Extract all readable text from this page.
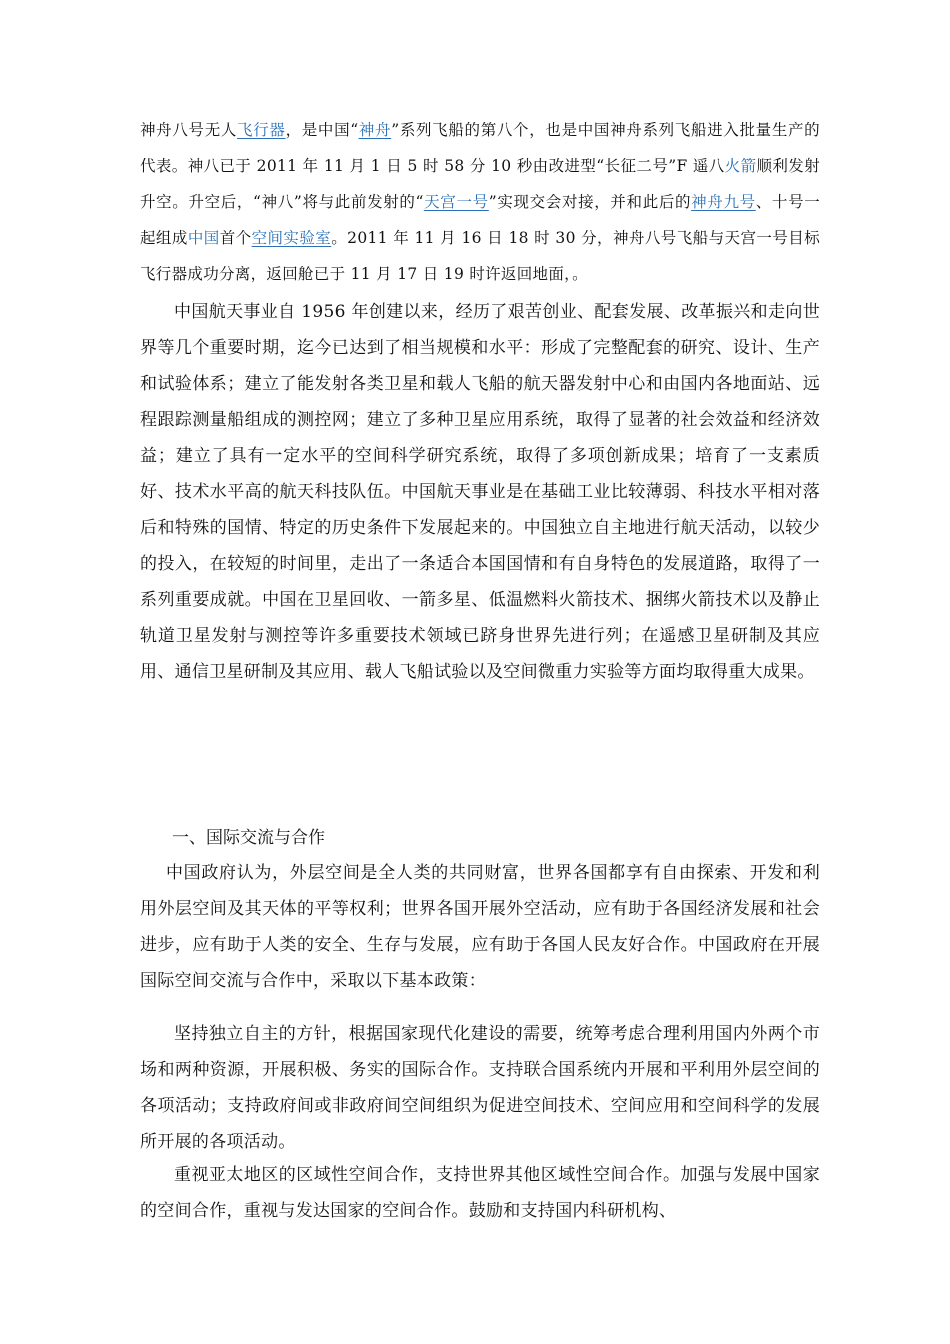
神舟八号无人飞行器，是中国“神舟”系列飞船的第八个，也是中国神舟系列飞船进入批量生产的代表。神八已于 2011 年 11 月 1 日 5 时 58 分 10 秒由改进型“长征二号”F 遥八火箭顺利发射升空。升空后，“神八”将与此前发射的“天宫一号”实现交会对接，并和此后的神舟九号、十号一起组成中国首个空间实验室。2011 年 11 月 16 日 18 时 30 分，神舟八号飞船与天宫一号目标飞行器成功分离，返回舱已于 11 月 17 日 19 时许返回地面，。

中国航天事业自 1956 年创建以来，经历了艰苦创业、配套发展、改革振兴和走向世界等几个重要时期，迄今已达到了相当规模和水平：形成了完整配套的研究、设计、生产和试验体系；建立了能发射各类卫星和载人飞船的航天器发射中心和由国内各地面站、远程跟踪测量船组成的测控网；建立了多种卫星应用系统，取得了显著的社会效益和经济效益；建立了具有一定水平的空间科学研究系统，取得了多项创新成果；培育了一支素质好、技术水平高的航天科技队伍。中国航天事业是在基础工业比较薄弱、科技水平相对落后和特殊的国情、特定的历史条件下发展起来的。中国独立自主地进行航天活动，以较少的投入，在较短的时间里，走出了一条适合本国国情和有自身特色的发展道路，取得了一系列重要成就。中国在卫星回收、一箭多星、低温燃料火箭技术、捆绑火箭技术以及静止轨道卫星发射与测控等许多重要技术领域已跻身世界先进行列；在遥感卫星研制及其应用、通信卫星研制及其应用、载人飞船试验以及空间微重力实验等方面均取得重大成果。

一、国际交流与合作

中国政府认为，外层空间是全人类的共同财富，世界各国都享有自由探索、开发和利用外层空间及其天体的平等权利；世界各国开展外空活动，应有助于各国经济发展和社会进步，应有助于人类的安全、生存与发展，应有助于各国人民友好合作。中国政府在开展国际空间交流与合作中，采取以下基本政策：

坚持独立自主的方针，根据国家现代化建设的需要，统筹考虑合理利用国内外两个市场和两种资源，开展积极、务实的国际合作。支持联合国系统内开展和平利用外层空间的各项活动；支持政府间或非政府间空间组织为促进空间技术、空间应用和空间科学的发展所开展的各项活动。

重视亚太地区的区域性空间合作，支持世界其他区域性空间合作。加强与发展中国家的空间合作，重视与发达国家的空间合作。鼓励和支持国内科研机构、
